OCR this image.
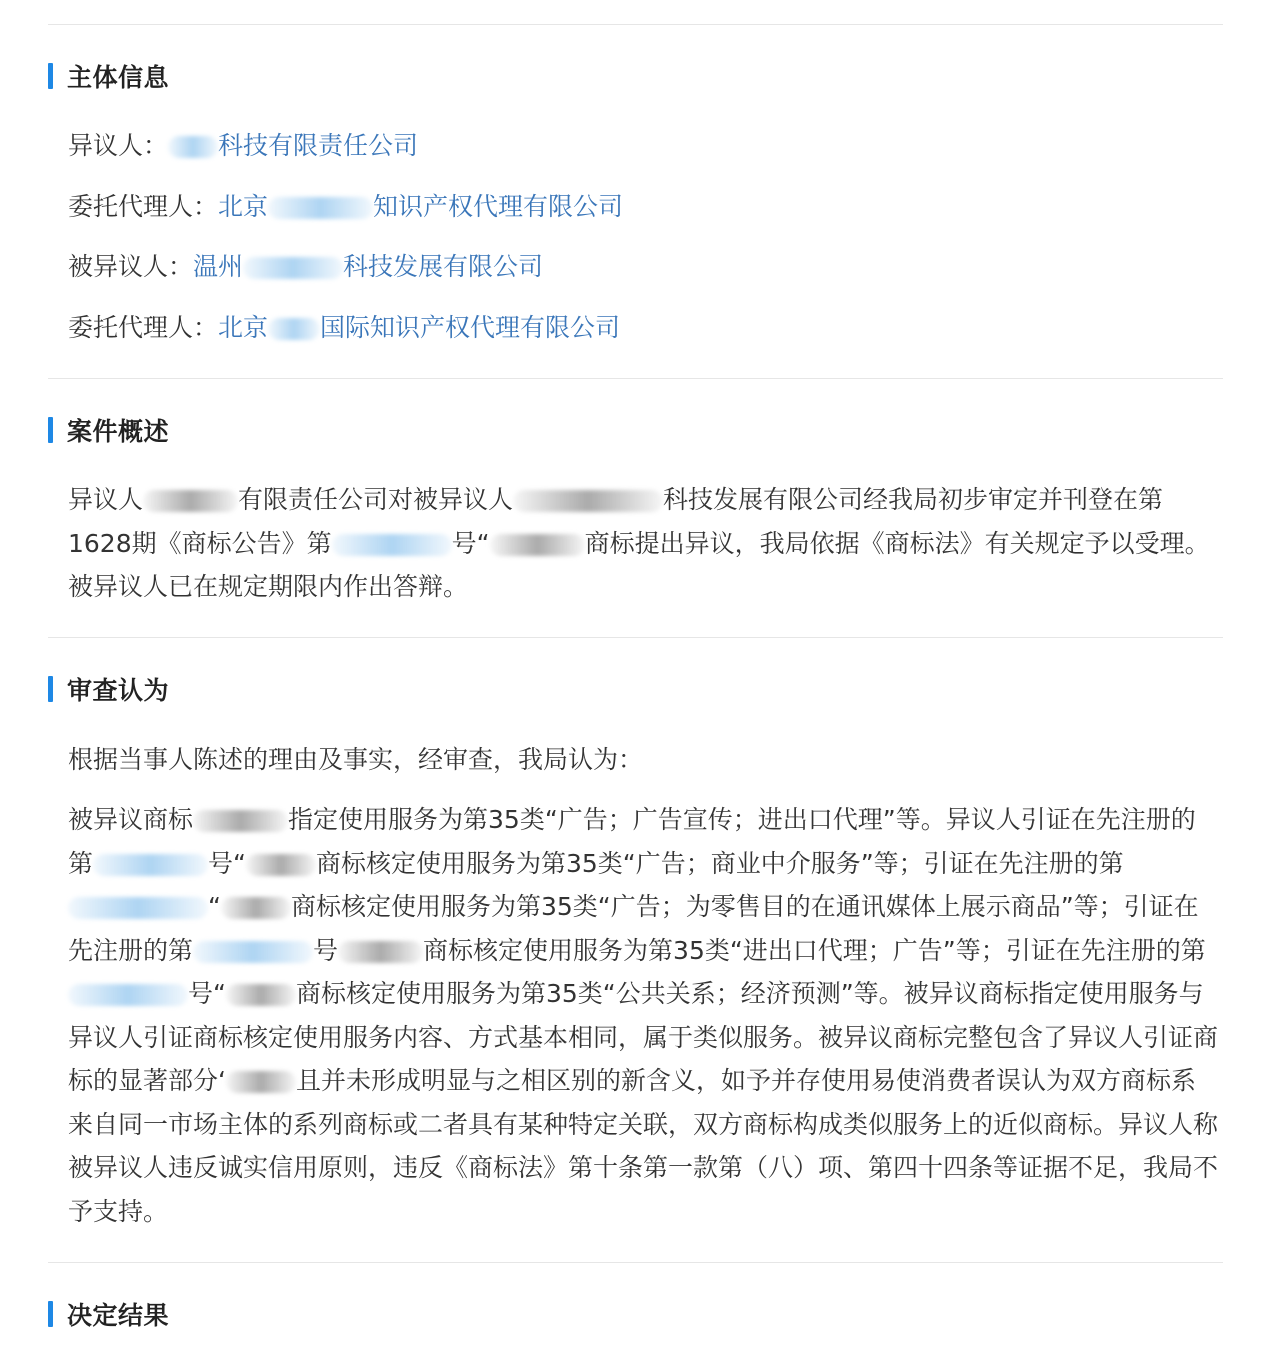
主体信息
异议人： 科技有限责任公司
委托代理人：北京	知识产权代理有限公司
被异议人：温州	科技发展有限公司
委托代理人：北京 国际知识产权代理有限公司
案件概述
异议人	有限责任公司对被异议人	科技发展有限公司经我局初步审定并刊登在第1628期《商标公告》第	号“	商标提出异议，我局依据《商标法》有关规定予以受理。被异议人已在规定期限内作出答辩。
审查认为
根据当事人陈述的理由及事实，经审查，我局认为：
被异议商标	指定使用服务为第35类“广告；广告宣传；进出口代理”等。异议人引证在先注册的第	号“	商标核定使用服务为第35类“广告；商业中介服务”等；引证在先注册的第“	商标核定使用服务为第35类“广告；为零售目的在通讯媒体上展示商品”等；引证在先注册的第	号	商标核定使用服务为第35类“进出口代理；广告”等；引证在先注册的第号“	商标核定使用服务为第35类“公共关系；经济预测”等。被异议商标指定使用服务与异议人引证商标核定使用服务内容、方式基本相同，属于类似服务。被异议商标完整包含了异议人引证商标的显著部分‘	且并未形成明显与之相区别的新含义，如予并存使用易使消费者误认为双方商标系来自同一市场主体的系列商标或二者具有某种特定关联，双方商标构成类似服务上的近似商标。异议人称被异议人违反诚实信用原则，违反《商标法》第十条第一款第（八）项、第四十四条等证据不足，我局不予支持。
决定结果
